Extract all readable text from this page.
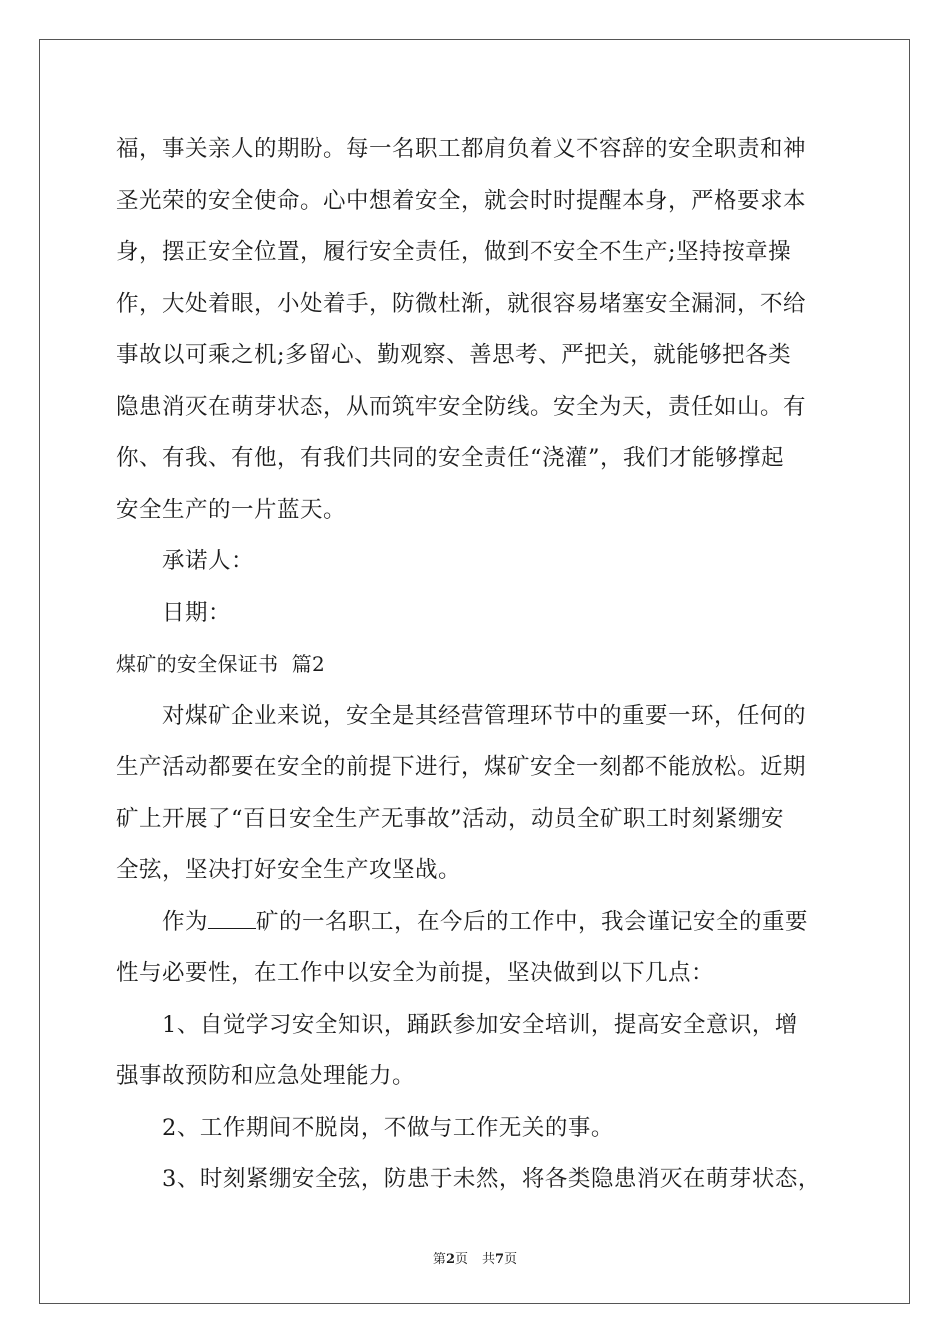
福，事关亲人的期盼。每一名职工都肩负着义不容辞的安全职责和神
圣光荣的安全使命。心中想着安全，就会时时提醒本身，严格要求本
身，摆正安全位置，履行安全责任，做到不安全不生产;坚持按章操
作，大处着眼，小处着手，防微杜渐，就很容易堵塞安全漏洞，不给
事故以可乘之机;多留心、勤观察、善思考、严把关，就能够把各类
隐患消灭在萌芽状态，从而筑牢安全防线。安全为天，责任如山。有
你、有我、有他，有我们共同的安全责任“浇灌”，我们才能够撑起
安全生产的一片蓝天。
承诺人：
日期：
煤矿的安全保证书  篇2
对煤矿企业来说，安全是其经营管理环节中的重要一环，任何的
生产活动都要在安全的前提下进行，煤矿安全一刻都不能放松。近期
矿上开展了“百日安全生产无事故”活动，动员全矿职工时刻紧绷安
全弦，坚决打好安全生产攻坚战。
作为 矿的一名职工，在今后的工作中，我会谨记安全的重要
性与必要性，在工作中以安全为前提，坚决做到以下几点：
1、自觉学习安全知识，踊跃参加安全培训，提高安全意识，增
强事故预防和应急处理能力。
2、工作期间不脱岗，不做与工作无关的事。
3、时刻紧绷安全弦，防患于未然，将各类隐患消灭在萌芽状态，
第2页 共7页
